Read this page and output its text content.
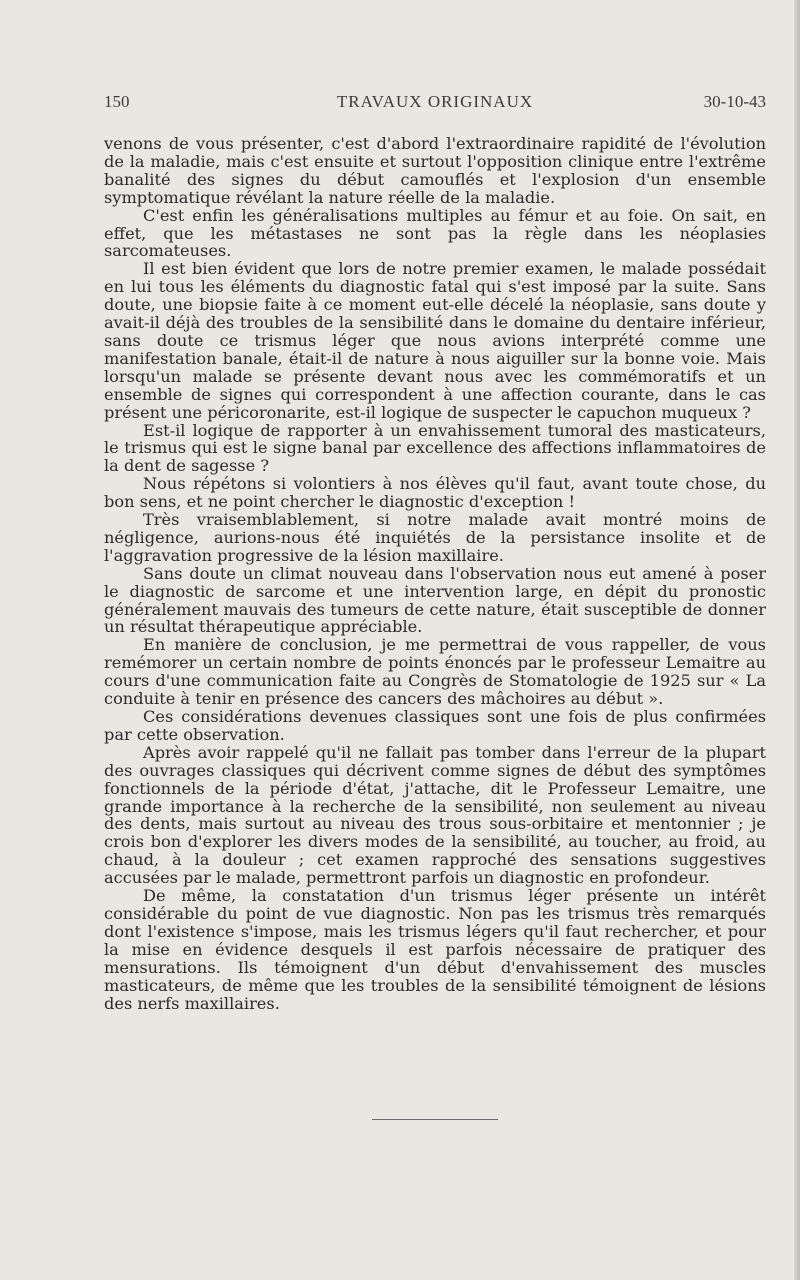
150	TRAVAUX ORIGINAUX	30-10-43

venons de vous présenter, c'est d'abord l'extraordinaire rapidité de l'évolution de la maladie, mais c'est ensuite et surtout l'opposition clinique entre l'extrême banalité des signes du début camouflés et l'explosion d'un ensemble symptomatique révélant la nature réelle de la maladie.

C'est enfin les généralisations multiples au fémur et au foie. On sait, en effet, que les métastases ne sont pas la règle dans les néoplasies sarcomateuses.

Il est bien évident que lors de notre premier examen, le malade possédait en lui tous les éléments du diagnostic fatal qui s'est imposé par la suite. Sans doute, une biopsie faite à ce moment eut-elle décelé la néoplasie, sans doute y avait-il déjà des troubles de la sensibilité dans le domaine du dentaire inférieur, sans doute ce trismus léger que nous avions interprété comme une manifestation banale, était-il de nature à nous aiguiller sur la bonne voie. Mais lorsqu'un malade se présente devant nous avec les commémoratifs et un ensemble de signes qui correspondent à une affection courante, dans le cas présent une péricoronarite, est-il logique de suspecter le capuchon muqueux ?

Est-il logique de rapporter à un envahissement tumoral des masticateurs, le trismus qui est le signe banal par excellence des affections inflammatoires de la dent de sagesse ?

Nous répétons si volontiers à nos élèves qu'il faut, avant toute chose, du bon sens, et ne point chercher le diagnostic d'exception !

Très vraisemblablement, si notre malade avait montré moins de négligence, aurions-nous été inquiétés de la persistance insolite et de l'aggravation progressive de la lésion maxillaire.

Sans doute un climat nouveau dans l'observation nous eut amené à poser le diagnostic de sarcome et une intervention large, en dépit du pronostic généralement mauvais des tumeurs de cette nature, était susceptible de donner un résultat thérapeutique appréciable.

En manière de conclusion, je me permettrai de vous rappeller, de vous remémorer un certain nombre de points énoncés par le professeur Lemaitre au cours d'une communication faite au Congrès de Stomatologie de 1925 sur « La conduite à tenir en présence des cancers des mâchoires au début ».

Ces considérations devenues classiques sont une fois de plus confirmées par cette observation.

Après avoir rappelé qu'il ne fallait pas tomber dans l'erreur de la plupart des ouvrages classiques qui décrivent comme signes de début des symptômes fonctionnels de la période d'état, j'attache, dit le Professeur Lemaitre, une grande importance à la recherche de la sensibilité, non seulement au niveau des dents, mais surtout au niveau des trous sous-orbitaire et mentonnier ; je crois bon d'explorer les divers modes de la sensibilité, au toucher, au froid, au chaud, à la douleur ; cet examen rapproché des sensations suggestives accusées par le malade, permettront parfois un diagnostic en profondeur.

De même, la constatation d'un trismus léger présente un intérêt considérable du point de vue diagnostic. Non pas les trismus très remarqués dont l'existence s'impose, mais les trismus légers qu'il faut rechercher, et pour la mise en évidence desquels il est parfois nécessaire de pratiquer des mensurations. Ils témoignent d'un début d'envahissement des muscles masticateurs, de même que les troubles de la sensibilité témoignent de lésions des nerfs maxillaires.
